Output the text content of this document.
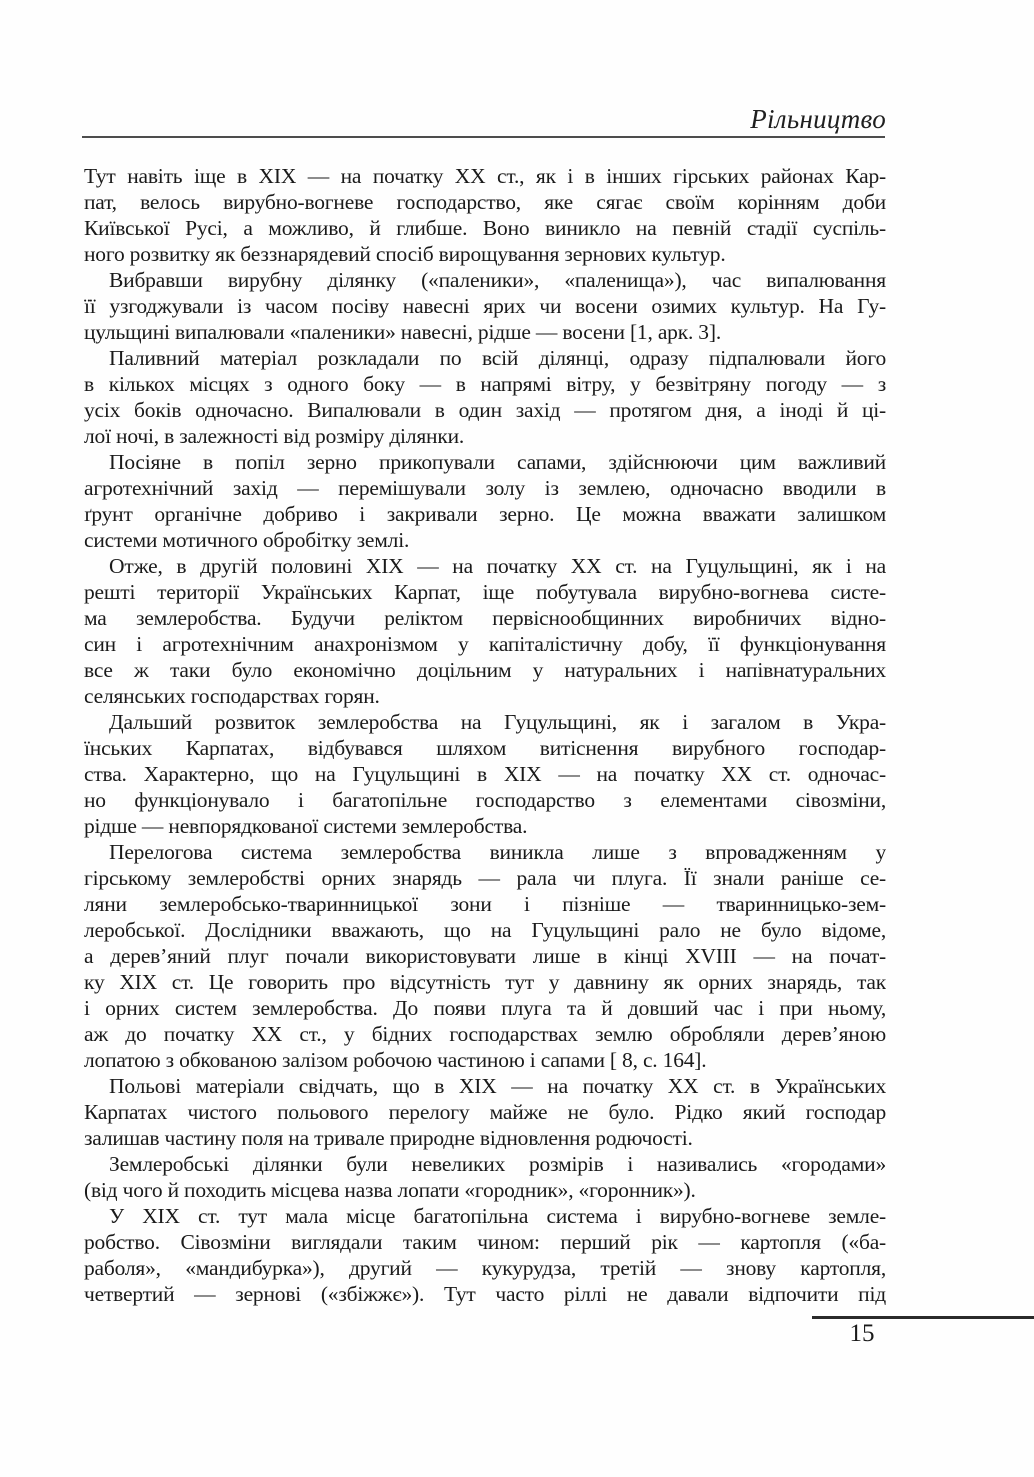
Рільництво
Тут навіть іще в XIX — на початку XX ст., як і в інших гірських районах Кар-
пат, велось вирубно-вогневе господарство, яке сягає своїм корінням доби
Київської Русі, а можливо, й глибше. Воно виникло на певній стадії суспіль-
ного розвитку як беззнарядевий спосіб вирощування зернових культур.
Вибравши вирубну ділянку («паленики», «паленища»), час випалювання
її узгоджували із часом посіву навесні ярих чи восени озимих культур. На Гу-
цульщині випалювали «паленики» навесні, рідше — восени [1, арк. 3].
Паливний матеріал розкладали по всій ділянці, одразу підпалювали його
в кількох місцях з одного боку — в напрямі вітру, у безвітряну погоду — з
усіх боків одночасно. Випалювали в один захід — протягом дня, а іноді й ці-
лої ночі, в залежності від розміру ділянки.
Посіяне в попіл зерно прикопували сапами, здійснюючи цим важливий
агротехнічний захід — перемішували золу із землею, одночасно вводили в
ґрунт органічне добриво і закривали зерно. Це можна вважати залишком
системи мотичного обробітку землі.
Отже, в другій половині XIX — на початку XX ст. на Гуцульщині, як і на
решті території Українських Карпат, іще побутувала вирубно-вогнева систе-
ма землеробства. Будучи реліктом первіснообщинних виробничих відно-
син і агротехнічним анахронізмом у капіталістичну добу, її функціонування
все ж таки було економічно доцільним у натуральних і напівнатуральних
селянських господарствах горян.
Дальший розвиток землеробства на Гуцульщині, як і загалом в Укра-
їнських Карпатах, відбувався шляхом витіснення вирубного господар-
ства. Характерно, що на Гуцульщині в XIX — на початку XX ст. одночас-
но функціонувало і багатопільне господарство з елементами сівозміни,
рідше — невпорядкованої системи землеробства.
Перелогова система землеробства виникла лише з впровадженням у
гірському землеробстві орних знарядь — рала чи плуга. Її знали раніше се-
ляни землеробсько-тваринницької зони і пізніше — тваринницько-зем-
леробської. Дослідники вважають, що на Гуцульщині рало не було відоме,
а дерев’яний плуг почали використовувати лише в кінці XVIII — на почат-
ку XIX ст. Це говорить про відсутність тут у давнину як орних знарядь, так
і орних систем землеробства. До появи плуга та й довший час і при ньому,
аж до початку XX ст., у бідних господарствах землю обробляли дерев’яною
лопатою з обкованою залізом робочою частиною і сапами [ 8, с. 164].
Польові матеріали свідчать, що в XIX — на початку XX ст. в Українських
Карпатах чистого польового перелогу майже не було. Рідко який господар
залишав частину поля на тривале природне відновлення родючості.
Землеробські ділянки були невеликих розмірів і називались «городами»
(від чого й походить місцева назва лопати «городник», «горонник»).
У XIX ст. тут мала місце багатопільна система і вирубно-вогневе земле-
робство. Сівозміни виглядали таким чином: перший рік — картопля («ба-
раболя», «мандибурка»), другий — кукурудза, третій — знову картопля,
четвертий — зернові («збіжжє»). Тут часто ріллі не давали відпочити під
15
